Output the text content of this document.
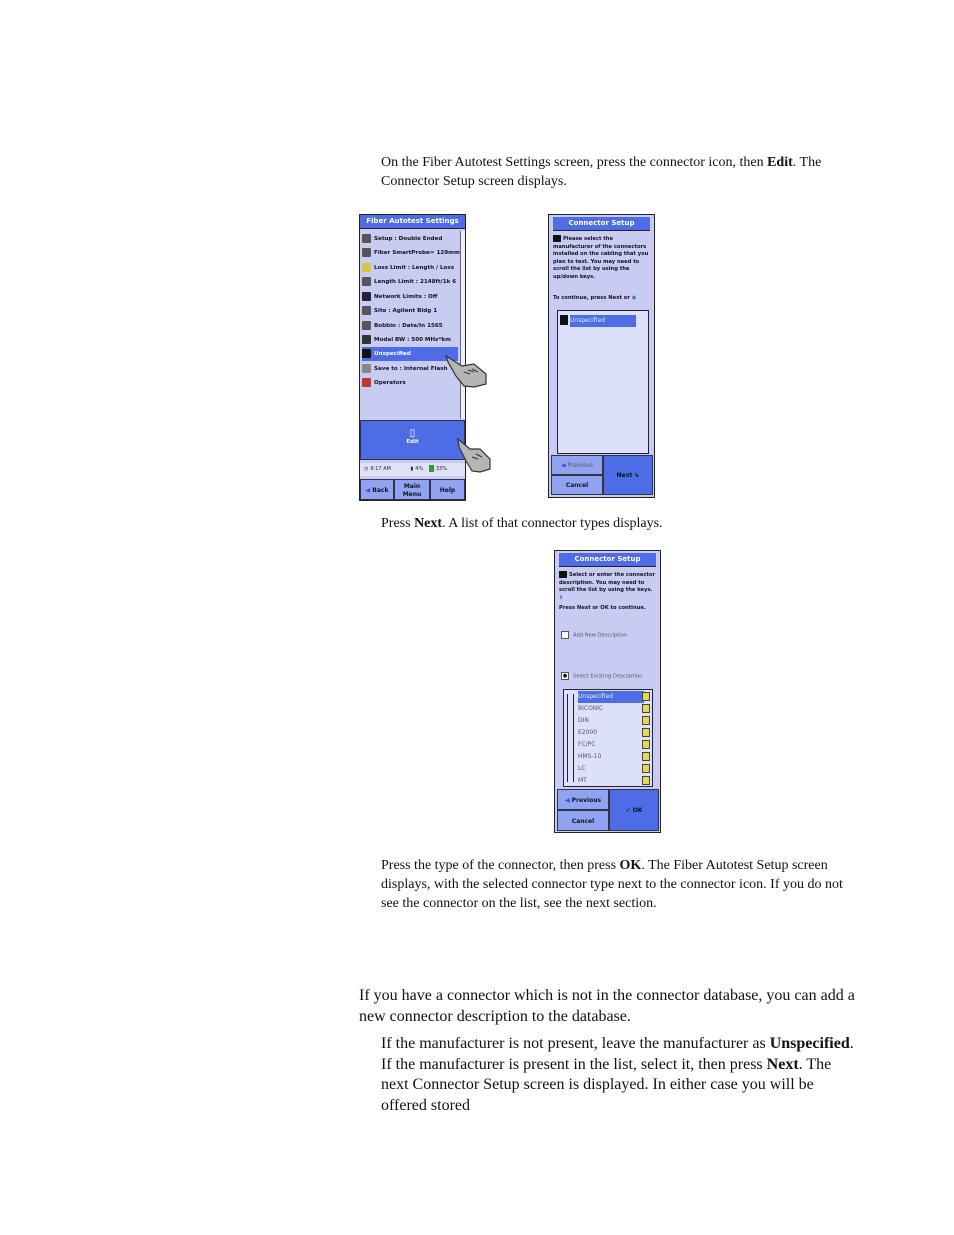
On the Fiber Autotest Settings screen, press the connector icon, then Edit. The Connector Setup screen displays.
Fiber Autotest Settings
Setup : Double Ended
Fiber SmartProbe= 129mm
Loss Limit : Length / Loss
Length Limit : 2148ft/1k 6
Network Limits : Off
Site : Agilent Bldg 1
Bobbin : Data/In 1565
Modal BW : 500 MHz*km
Unspecified
Save to : Internal Flash
Operators
▯
Edit
◷ 8:17 AM	▮ 4%	33%
◀ Back
Main Menu
Help
Connector Setup
Please select the manufacturer of the connectors installed on the cabling that you plan to test. You may need to scroll the list by using the up/down keys.
To continue, press Next or ◉
Unspecified
◀ Previous
Next ↳
Cancel
Press Next. A list of that connector types displays.
Connector Setup
Select or enter the connector description. You may need to scroll the list by using the keys. ⇕
Press Next or OK to continue.
Add New Description
● Select Existing Description
Unspecified
BICONIC
DIN
E2000
FC/PC
HMS-10
LC
MT
◀ Previous
✓ OK
Cancel
Press the type of the connector, then press OK. The Fiber Autotest Setup screen displays, with the selected connector type next to the connector icon. If you do not see the connector on the list, see the next section.
If you have a connector which is not in the connector database, you can add a new connector description to the database.
If the manufacturer is not present, leave the manufacturer as Unspecified. If the manufacturer is present in the list, select it, then press Next. The next Connector Setup screen is displayed. In either case you will be offered stored
